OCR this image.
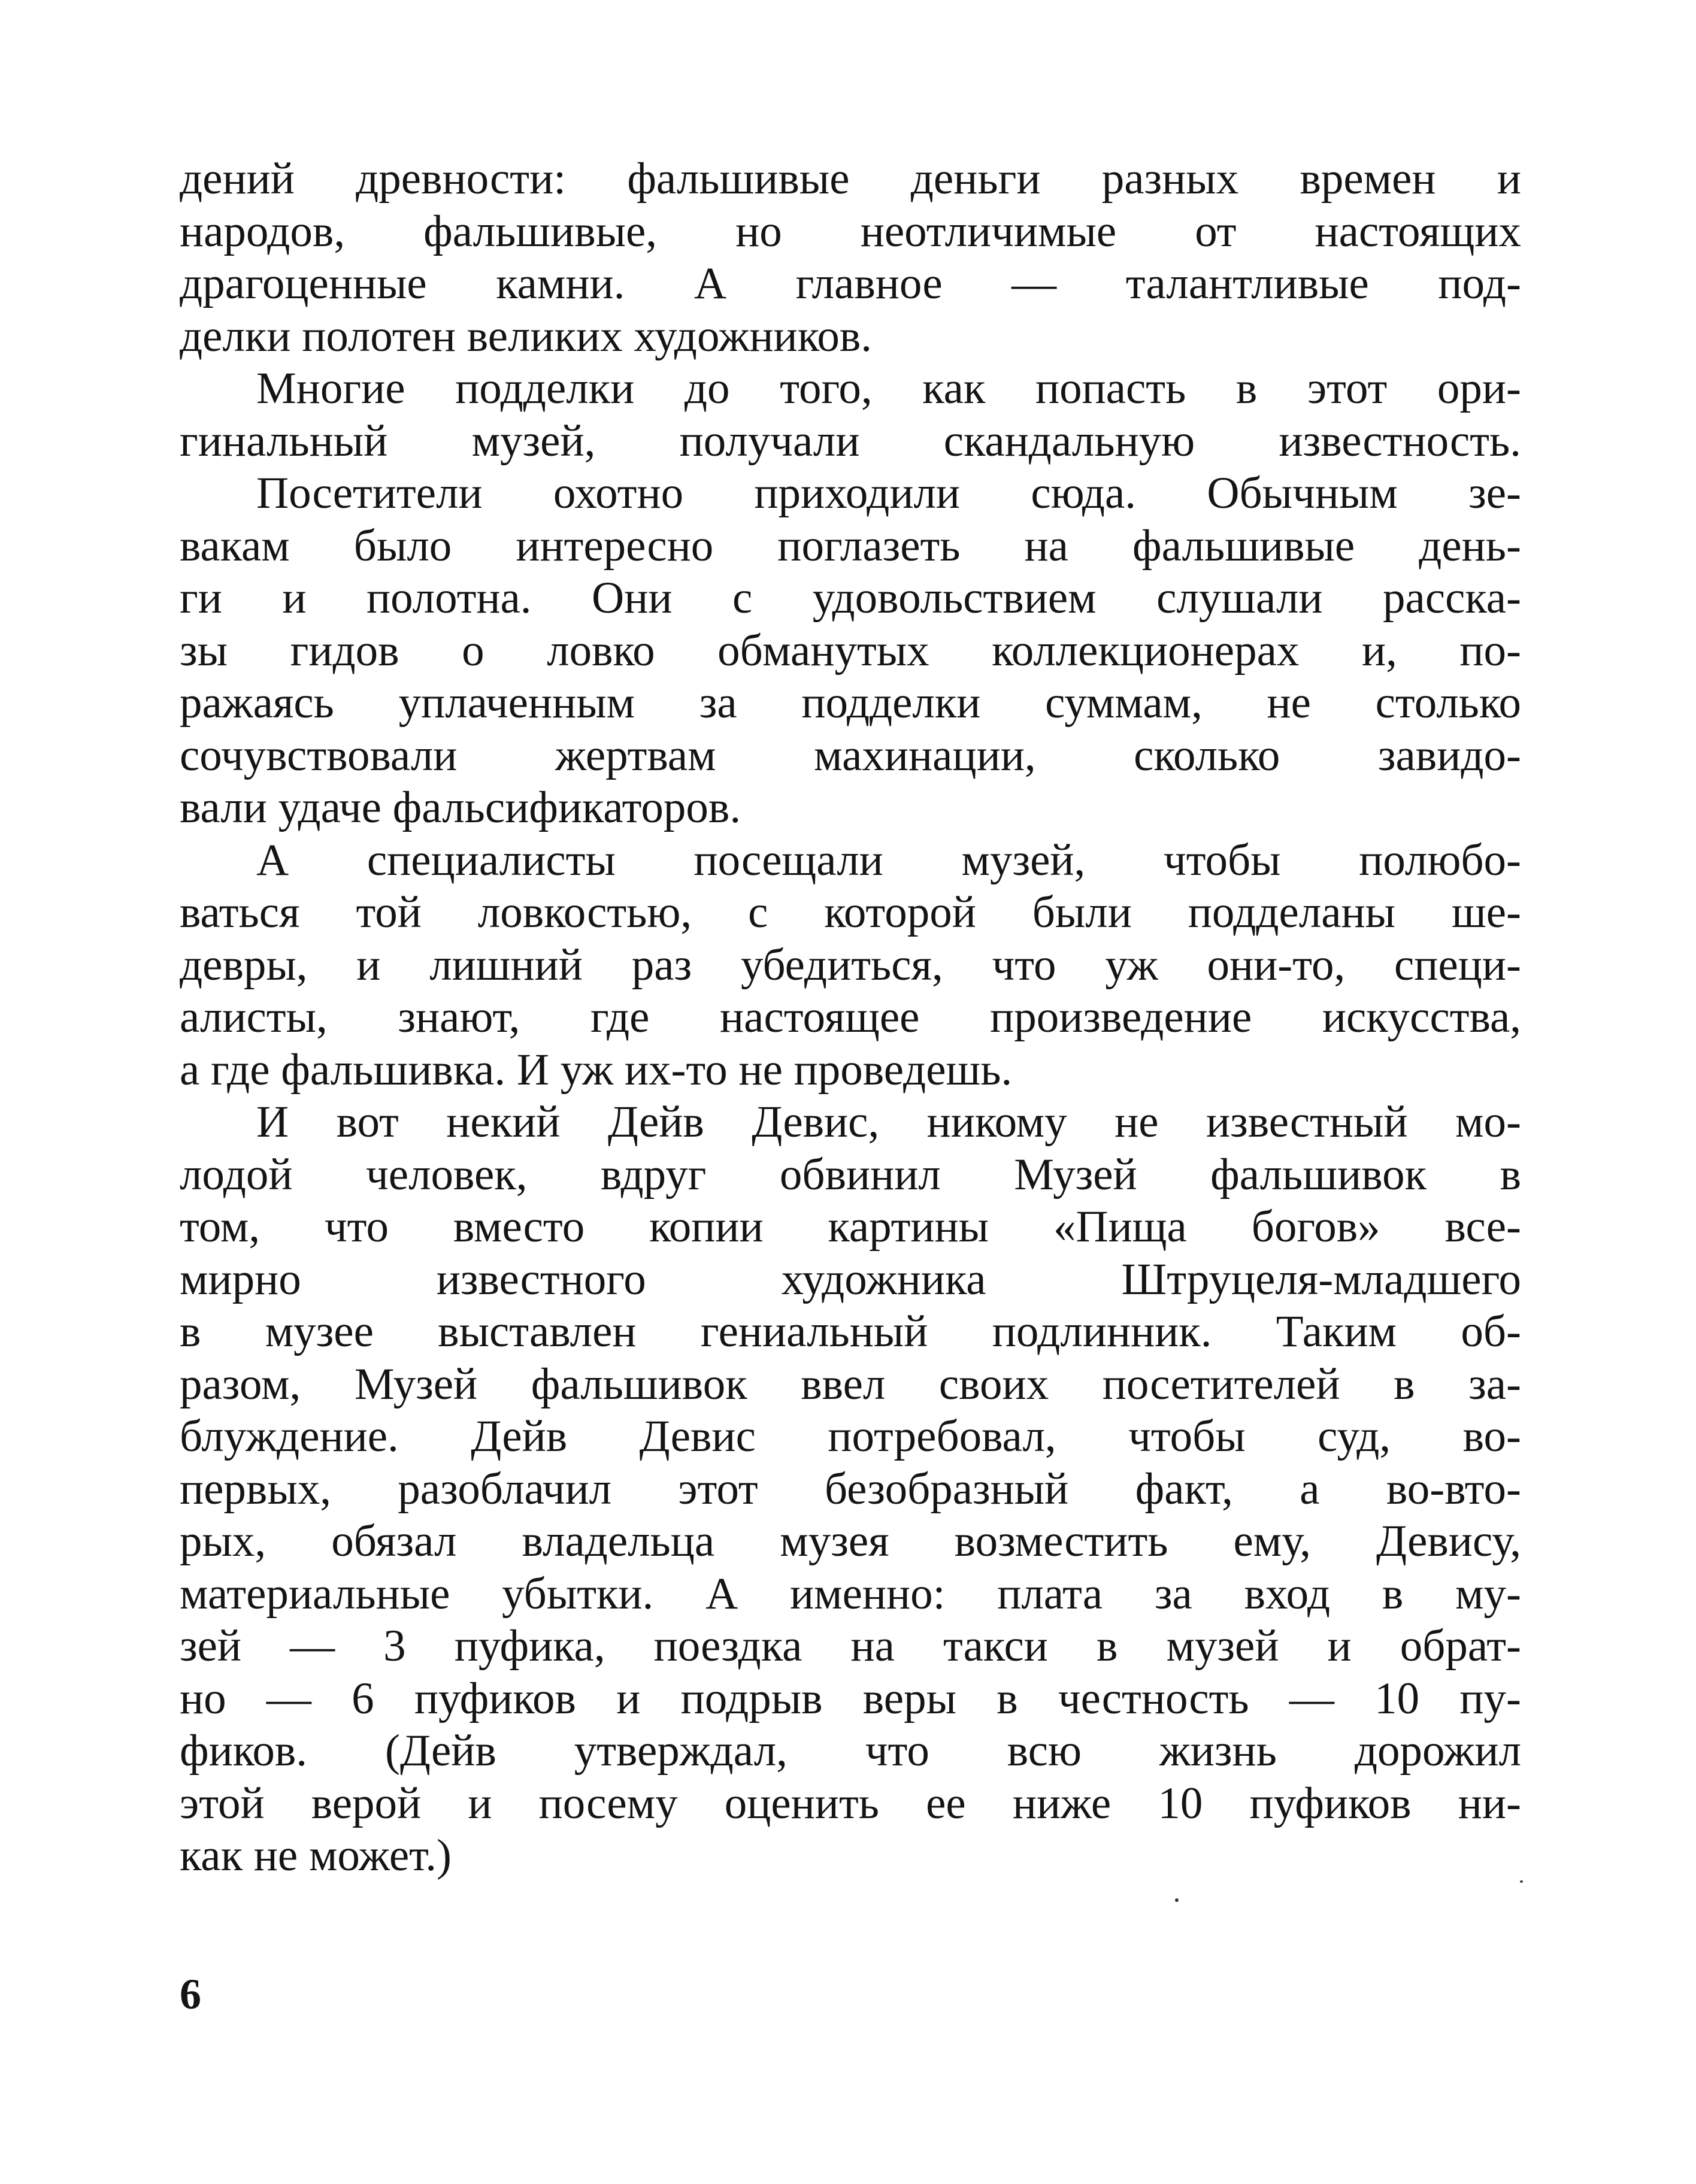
дений древности: фальшивые деньги разных времен и
народов, фальшивые, но неотличимые от настоящих
драгоценные камни. А главное — талантливые под-
делки полотен великих художников.
Многие подделки до того, как попасть в этот ори-
гинальный музей, получали скандальную известность.
Посетители охотно приходили сюда. Обычным зе-
вакам было интересно поглазеть на фальшивые день-
ги и полотна. Они с удовольствием слушали расска-
зы гидов о ловко обманутых коллекционерах и, по-
ражаясь уплаченным за подделки суммам, не столько
сочувствовали жертвам махинации, сколько завидо-
вали удаче фальсификаторов.
А специалисты посещали музей, чтобы полюбо-
ваться той ловкостью, с которой были подделаны ше-
девры, и лишний раз убедиться, что уж они-то, специ-
алисты, знают, где настоящее произведение искусства,
а где фальшивка. И уж их-то не проведешь.
И вот некий Дейв Девис, никому не известный мо-
лодой человек, вдруг обвинил Музей фальшивок в
том, что вместо копии картины «Пища богов» все-
мирно известного художника Штруцеля-младшего
в музее выставлен гениальный подлинник. Таким об-
разом, Музей фальшивок ввел своих посетителей в за-
блуждение. Дейв Девис потребовал, чтобы суд, во-
первых, разоблачил этот безобразный факт, а во-вто-
рых, обязал владельца музея возместить ему, Девису,
материальные убытки. А именно: плата за вход в му-
зей — 3 пуфика, поездка на такси в музей и обрат-
но — 6 пуфиков и подрыв веры в честность — 10 пу-
фиков. (Дейв утверждал, что всю жизнь дорожил
этой верой и посему оценить ее ниже 10 пуфиков ни-
как не может.)
6
